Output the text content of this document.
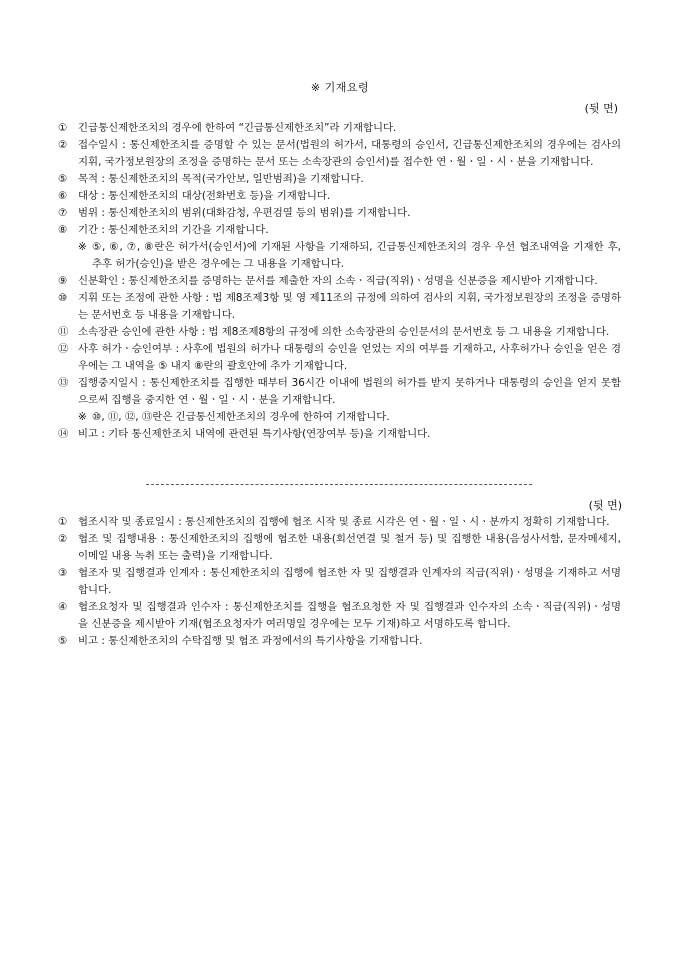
※ 기재요령
(뒷 면)
①	긴급통신제한조치의 경우에 한하여 “긴급통신제한조치”라 기재합니다.
②	접수일시 : 통신제한조치를 증명할 수 있는 문서(법원의 허가서, 대통령의 승인서, 긴급통신제한조치의 경우에는 검사의 지휘, 국가정보원장의 조정을 증명하는 문서 또는 소속장관의 승인서)를 접수한 연ㆍ월ㆍ일ㆍ시ㆍ분을 기재합니다.
⑤	목적 : 통신제한조치의 목적(국가안보, 일반범죄)을 기재합니다.
⑥	대상 : 통신제한조치의 대상(전화번호 등)을 기재합니다.
⑦	범위 : 통신제한조치의 범위(대화감청, 우편검열 등의 범위)를 기재합니다.
⑧	기간 : 통신제한조치의 기간을 기재합니다.
※ ⑤, ⑥, ⑦, ⑧란은 허가서(승인서)에 기재된 사항을 기재하되, 긴급통신제한조치의 경우 우선 협조내역을 기재한 후, 추후 허가(승인)을 받은 경우에는 그 내용을 기재합니다.
⑨	신분확인 : 통신제한조치를 증명하는 문서를 제출한 자의 소속ㆍ직급(직위)ㆍ성명을 신분증을 제시받아 기재합니다.
⑩	지휘 또는 조정에 관한 사항 : 법 제8조제3항 및 영 제11조의 규정에 의하여 검사의 지휘, 국가정보원장의 조정을 증명하는 문서번호 등 내용을 기재합니다.
⑪ 소속장관 승인에 관한 사항 : 법 제8조제8항의 규정에 의한 소속장관의 승인문서의 문서번호 등 그 내용을 기재합니다.
⑫ 사후 허가ㆍ승인여부 : 사후에 법원의 허가나 대통령의 승인을 얻었는 지의 여부를 기재하고, 사후허가나 승인을 얻은 경우에는 그 내역을 ⑤ 내지 ⑧란의 괄호안에 추가 기재합니다.
⑬ 집행중지일시 : 통신제한조치를 집행한 때부터 36시간 이내에 법원의 허가를 받지 못하거나 대통령의 승인을 얻지 못함으로써 집행을 중지한 연ㆍ월ㆍ일ㆍ시ㆍ분을 기재합니다.
※ ⑩, ⑪, ⑫, ⑬란은 긴급통신제한조치의 경우에 한하여 기재합니다.
⑭ 비고 : 기타 통신제한조치 내역에 관련된 특기사항(연장여부 등)을 기재합니다.
(뒷 면)
①	협조시작 및 종료일시 : 통신제한조치의 집행에 협조 시작 및 종료 시각은 연ㆍ월ㆍ일ㆍ시ㆍ분까지 정확히 기재합니다.
②	협조 및 집행내용 : 통신제한조치의 집행에 협조한 내용(회선연결 및 철거 등) 및 집행한 내용(음성사서함, 문자메세지, 이메일 내용 녹취 또는 출력)을 기재합니다.
③	협조자 및 집행결과 인계자 : 통신제한조치의 집행에 협조한 자 및 집행결과 인계자의 직급(직위)ㆍ성명을 기재하고 서명합니다.
④	협조요청자 및 집행결과 인수자 : 통신제한조치를 집행을 협조요청한 자 및 집행결과 인수자의 소속ㆍ직급(직위)ㆍ성명을 신분증을 제시받아 기재(협조요청자가 여러명일 경우에는 모두 기재)하고 서명하도록 합니다.
⑤	비고 : 통신제한조치의 수탁집행 및 협조 과정에서의 특기사항을 기재합니다.
